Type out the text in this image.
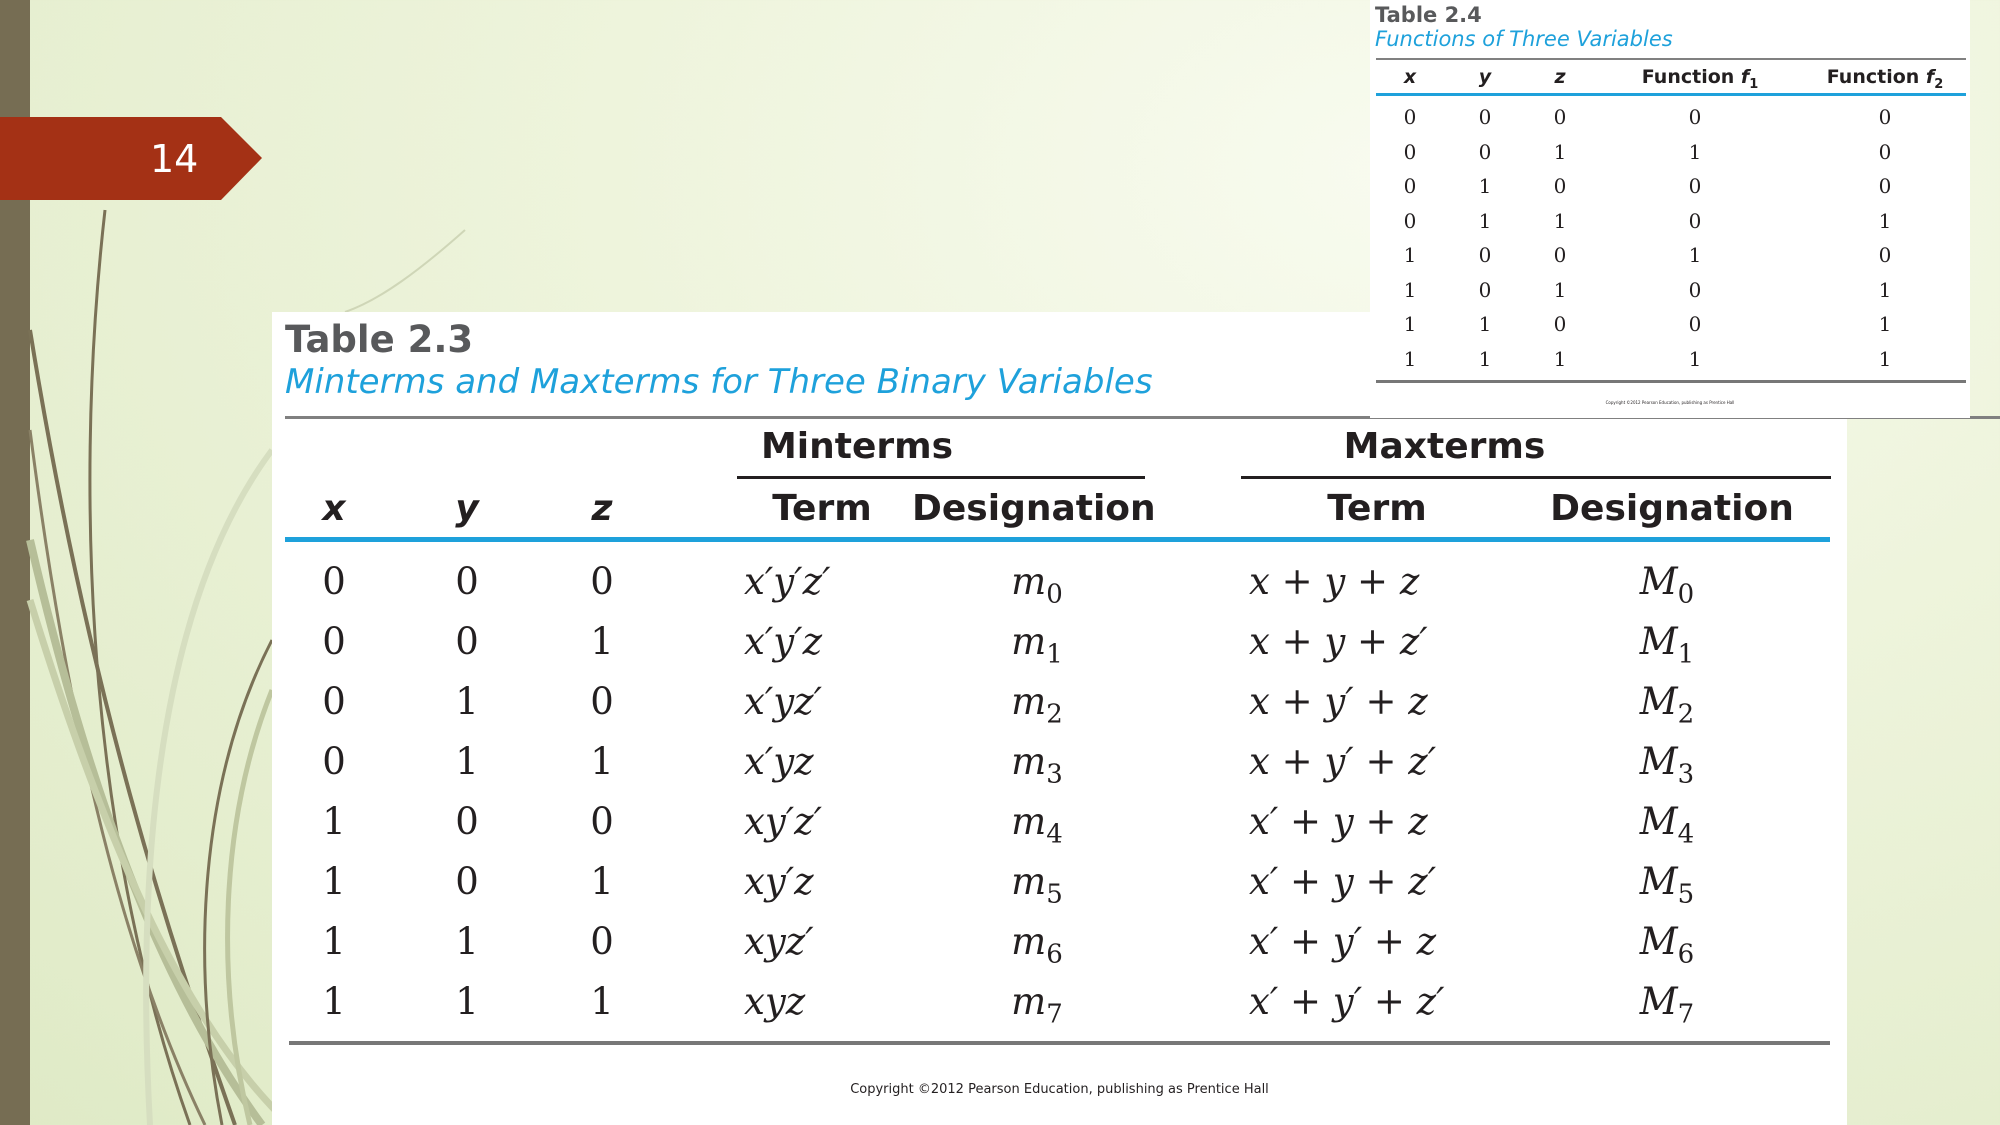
14
Table 2.3
Minterms and Maxterms for Three Binary Variables
Minterms	Maxterms
x	y	z	Term	Designation	Term	Designation
0	0	0	x′y′z′	$m_0$	x + y + z	$M_0$
0	0	1	x′y′z	$m_1$	x + y + z′	$M_1$
0	1	0	x′yz′	$m_2$	x + y′ + z	$M_2$
0	1	1	x′yz	$m_3$	x + y′ + z′	$M_3$
1	0	0	xy′z′	$m_4$	x′ + y + z	$M_4$
1	0	1	xy′z	$m_5$	x′ + y + z′	$M_5$
1	1	0	xyz′	$m_6$	x′ + y′ + z	$M_6$
1	1	1	xyz	$m_7$	x′ + y′ + z′	$M_7$
Copyright ©2012 Pearson Education, publishing as Prentice Hall
Table 2.4
Functions of Three Variables
x	y	z	Function $f_1$	Function $f_2$
0	0	0	0	0
0	0	1	1	0
0	1	0	0	0
0	1	1	0	1
1	0	0	1	0
1	0	1	0	1
1	1	0	0	1
1	1	1	1	1
Copyright ©2012 Pearson Education, publishing as Prentice Hall
